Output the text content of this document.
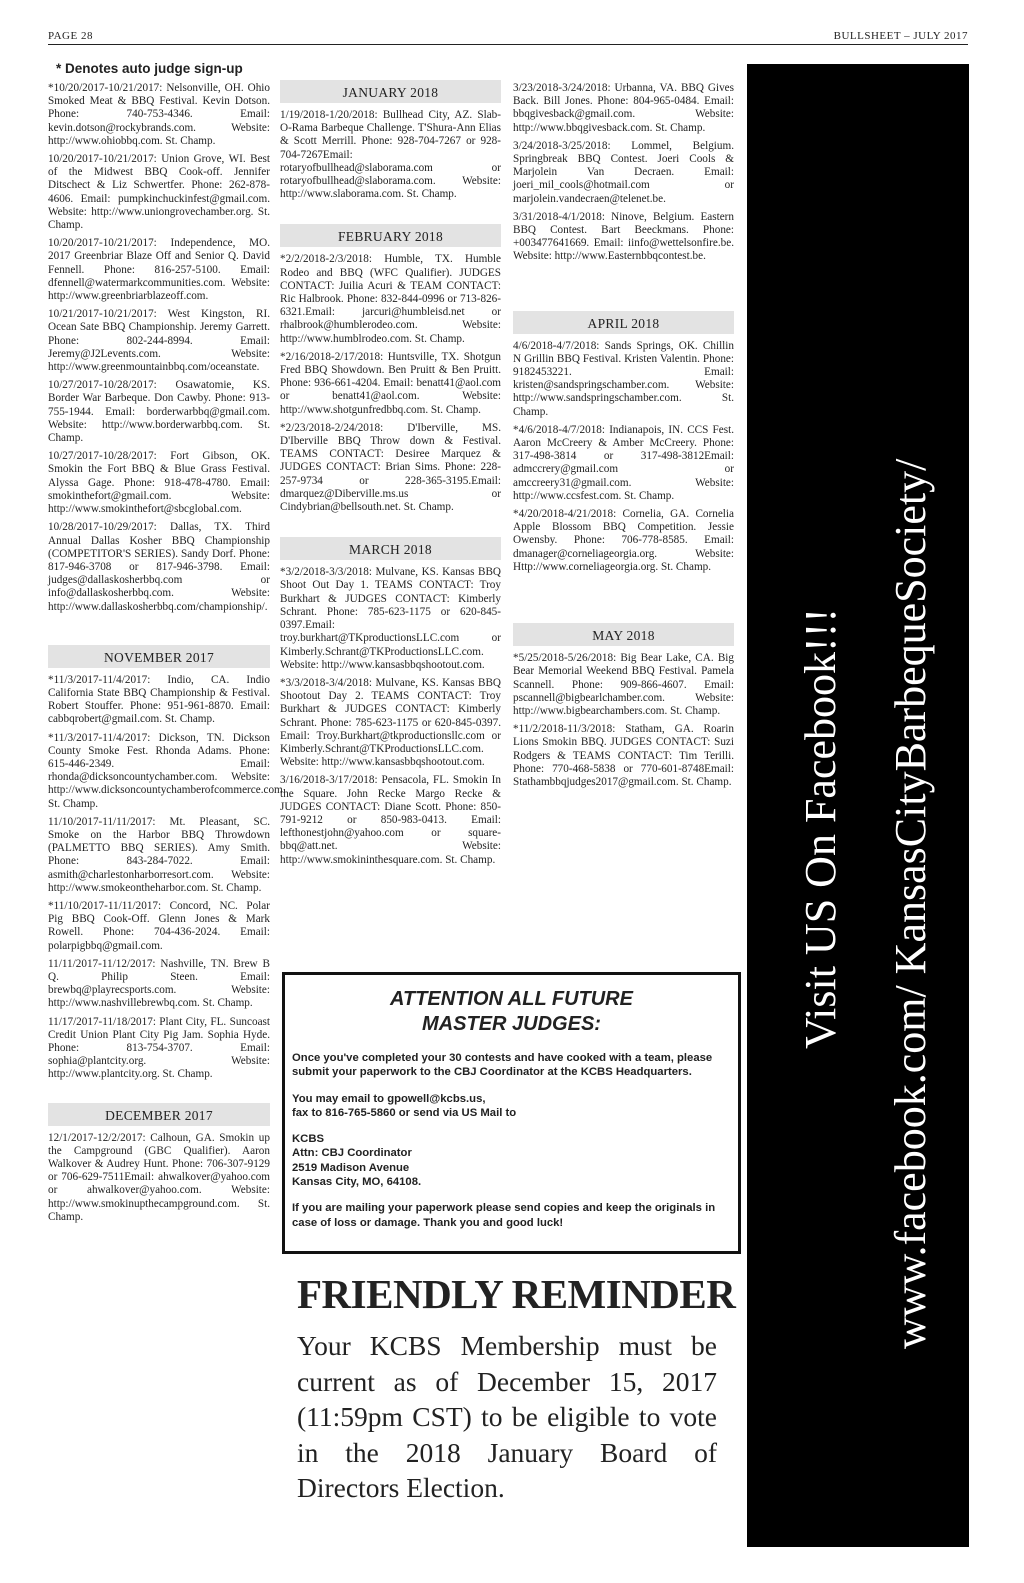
PAGE 28	BULLSHEET – JULY 2017
* Denotes auto judge sign-up

*10/20/2017-10/21/2017: Nelsonville, OH. Ohio Smoked Meat & BBQ Festival. Kevin Dotson. Phone: 740-753-4346. Email: kevin.dotson@rockybrands.com. Website: http://www.ohiobbq.com. St. Champ.

10/20/2017-10/21/2017: Union Grove, WI. Best of the Midwest BBQ Cook-off. Jennifer Ditschect & Liz Schwertfer. Phone: 262-878-4606. Email: pumpkinchuckinfest@gmail.com. Website: http://www.uniongrovechamber.org. St. Champ.

10/20/2017-10/21/2017: Independence, MO. 2017 Greenbriar Blaze Off and Senior Q. David Fennell. Phone: 816-257-5100. Email: dfennell@watermarkcommunities.com. Website: http://www.greenbriarblazeoff.com.

10/21/2017-10/21/2017: West Kingston, RI. Ocean Sate BBQ Championship. Jeremy Garrett. Phone: 802-244-8994. Email: Jeremy@J2Levents.com. Website: http://www.greenmountainbbq.com/oceanstate.

10/27/2017-10/28/2017: Osawatomie, KS. Border War Barbeque. Don Cawby. Phone: 913-755-1944. Email: borderwarbbq@gmail.com. Website: http://www.borderwarbbq.com. St. Champ.

10/27/2017-10/28/2017: Fort Gibson, OK. Smokin the Fort BBQ & Blue Grass Festival. Alyssa Gage. Phone: 918-478-4780. Email: smokinthefort@gmail.com. Website: http://www.smokinthefort@sbcglobal.com.

10/28/2017-10/29/2017: Dallas, TX. Third Annual Dallas Kosher BBQ Championship (COMPETITOR'S SERIES). Sandy Dorf. Phone: 817-946-3708 or 817-946-3798. Email: judges@dallaskosherbbq.com or info@dallaskosherbbq.com. Website: http://www.dallaskosherbbq.com/championship/.

NOVEMBER 2017

*11/3/2017-11/4/2017: Indio, CA. Indio California State BBQ Championship & Festival. Robert Stouffer. Phone: 951-961-8870. Email: cabbqrobert@gmail.com. St. Champ.

*11/3/2017-11/4/2017: Dickson, TN. Dickson County Smoke Fest. Rhonda Adams. Phone: 615-446-2349. Email: rhonda@dicksoncountychamber.com. Website: http://www.dicksoncountychamberofcommerce.com. St. Champ.

11/10/2017-11/11/2017: Mt. Pleasant, SC. Smoke on the Harbor BBQ Throwdown (PALMETTO BBQ SERIES). Amy Smith. Phone: 843-284-7022. Email: asmith@charlestonharborresort.com. Website: http://www.smokeontheharbor.com. St. Champ.

*11/10/2017-11/11/2017: Concord, NC. Polar Pig BBQ Cook-Off. Glenn Jones & Mark Rowell. Phone: 704-436-2024. Email: polarpigbbq@gmail.com.

11/11/2017-11/12/2017: Nashville, TN. Brew B Q. Philip Steen. Email: brewbq@playrecsports.com. Website: http://www.nashvillebrewbq.com. St. Champ.

11/17/2017-11/18/2017: Plant City, FL. Suncoast Credit Union Plant City Pig Jam. Sophia Hyde. Phone: 813-754-3707. Email: sophia@plantcity.org. Website: http://www.plantcity.org. St. Champ.

DECEMBER 2017

12/1/2017-12/2/2017: Calhoun, GA. Smokin up the Campground (GBC Qualifier). Aaron Walkover & Audrey Hunt. Phone: 706-307-9129 or 706-629-7511Email: ahwalkover@yahoo.com or ahwalkover@yahoo.com. Website: http://www.smokinupthecampground.com. St. Champ.

JANUARY 2018

1/19/2018-1/20/2018: Bullhead City, AZ. Slab-O-Rama Barbeque Challenge. T'Shura-Ann Elias & Scott Merrill. Phone: 928-704-7267 or 928-704-7267Email: rotaryofbullhead@slaborama.com or rotaryofbullhead@slaborama.com. Website: http://www.slaborama.com. St. Champ.

FEBRUARY 2018

*2/2/2018-2/3/2018: Humble, TX. Humble Rodeo and BBQ (WFC Qualifier). JUDGES CONTACT: Juilia Acuri & TEAM CONTACT: Ric Halbrook. Phone: 832-844-0996 or 713-826-6321.Email: jarcuri@humbleisd.net or rhalbrook@humblerodeo.com. Website: http://www.humblrodeo.com. St. Champ.

*2/16/2018-2/17/2018: Huntsville, TX. Shotgun Fred BBQ Showdown. Ben Pruitt & Ben Pruitt. Phone: 936-661-4204. Email: benatt41@aol.com or benatt41@aol.com. Website: http://www.shotgunfredbbq.com. St. Champ.

*2/23/2018-2/24/2018: D'Iberville, MS. D'Iberville BBQ Throw down & Festival. TEAMS CONTACT: Desiree Marquez & JUDGES CONTACT: Brian Sims. Phone: 228-257-9734 or 228-365-3195.Email: dmarquez@Diberville.ms.us or Cindybrian@bellsouth.net. St. Champ.

MARCH 2018

*3/2/2018-3/3/2018: Mulvane, KS. Kansas BBQ Shoot Out Day 1. TEAMS CONTACT: Troy Burkhart & JUDGES CONTACT: Kimberly Schrant. Phone: 785-623-1175 or 620-845-0397.Email: troy.burkhart@TKproductionsLLC.com or Kimberly.Schrant@TKProductionsLLC.com. Website: http://www.kansasbbqshootout.com.

*3/3/2018-3/4/2018: Mulvane, KS. Kansas BBQ Shootout Day 2. TEAMS CONTACT: Troy Burkhart & JUDGES CONTACT: Kimberly Schrant. Phone: 785-623-1175 or 620-845-0397. Email: Troy.Burkhart@tkproductionsllc.com or Kimberly.Schrant@TKProductionsLLC.com. Website: http://www.kansasbbqshootout.com.

3/16/2018-3/17/2018: Pensacola, FL. Smokin In the Square. John Recke Margo Recke & JUDGES CONTACT: Diane Scott. Phone: 850-791-9212 or 850-983-0413. Email: lefthonestjohn@yahoo.com or square-bbq@att.net. Website: http://www.smokininthesquare.com. St. Champ.

3/23/2018-3/24/2018: Urbanna, VA. BBQ Gives Back. Bill Jones. Phone: 804-965-0484. Email: bbqgivesback@gmail.com. Website: http://www.bbqgivesback.com. St. Champ.

3/24/2018-3/25/2018: Lommel, Belgium. Springbreak BBQ Contest. Joeri Cools & Marjolein Van Decraen. Email: joeri_mil_cools@hotmail.com or marjolein.vandecraen@telenet.be.

3/31/2018-4/1/2018: Ninove, Belgium. Eastern BBQ Contest. Bart Beeckmans. Phone: +003477641669. Email: iinfo@wettelsonfire.be. Website: http://www.Easternbbqcontest.be.

APRIL 2018

4/6/2018-4/7/2018: Sands Springs, OK. Chillin N Grillin BBQ Festival. Kristen Valentin. Phone: 9182453221. Email: kristen@sandspringschamber.com. Website: http://www.sandspringschamber.com. St. Champ.

*4/6/2018-4/7/2018: Indianapois, IN. CCS Fest. Aaron McCreery & Amber McCreery. Phone: 317-498-3814 or 317-498-3812Email: admccrery@gmail.com or amccreery31@gmail.com. Website: http://www.ccsfest.com. St. Champ.

*4/20/2018-4/21/2018: Cornelia, GA. Cornelia Apple Blossom BBQ Competition. Jessie Owensby. Phone: 706-778-8585. Email: dmanager@corneliageorgia.org. Website: Http://www.corneliageorgia.org. St. Champ.

MAY 2018

*5/25/2018-5/26/2018: Big Bear Lake, CA. Big Bear Memorial Weekend BBQ Festival. Pamela Scannell. Phone: 909-866-4607. Email: pscannell@bigbearlchamber.com. Website: http://www.bigbearchambers.com. St. Champ.

*11/2/2018-11/3/2018: Statham, GA. Roarin Lions Smokin BBQ. JUDGES CONTACT: Suzi Rodgers & TEAMS CONTACT: Tim Terilli. Phone: 770-468-5838 or 770-601-8748Email: Stathambbqjudges2017@gmail.com. St. Champ.

ATTENTION ALL FUTURE
MASTER JUDGES:

Once you've completed your 30 contests and have cooked with a team, please submit your paperwork to the CBJ Coordinator at the KCBS Headquarters.

You may email to gpowell@kcbs.us,
fax to 816-765-5860 or send via US Mail to

KCBS
Attn: CBJ Coordinator
2519 Madison Avenue
Kansas City, MO, 64108.

If you are mailing your paperwork please send copies and keep the originals in case of loss or damage. Thank you and good luck!

FRIENDLY REMINDER
Your KCBS Membership must be current as of December 15, 2017 (11:59pm CST) to be eligible to vote in the 2018 January Board of Directors Election.
Visit US On Facebook!!! www.facebook.com/ KansasCityBarbequeSociety/
